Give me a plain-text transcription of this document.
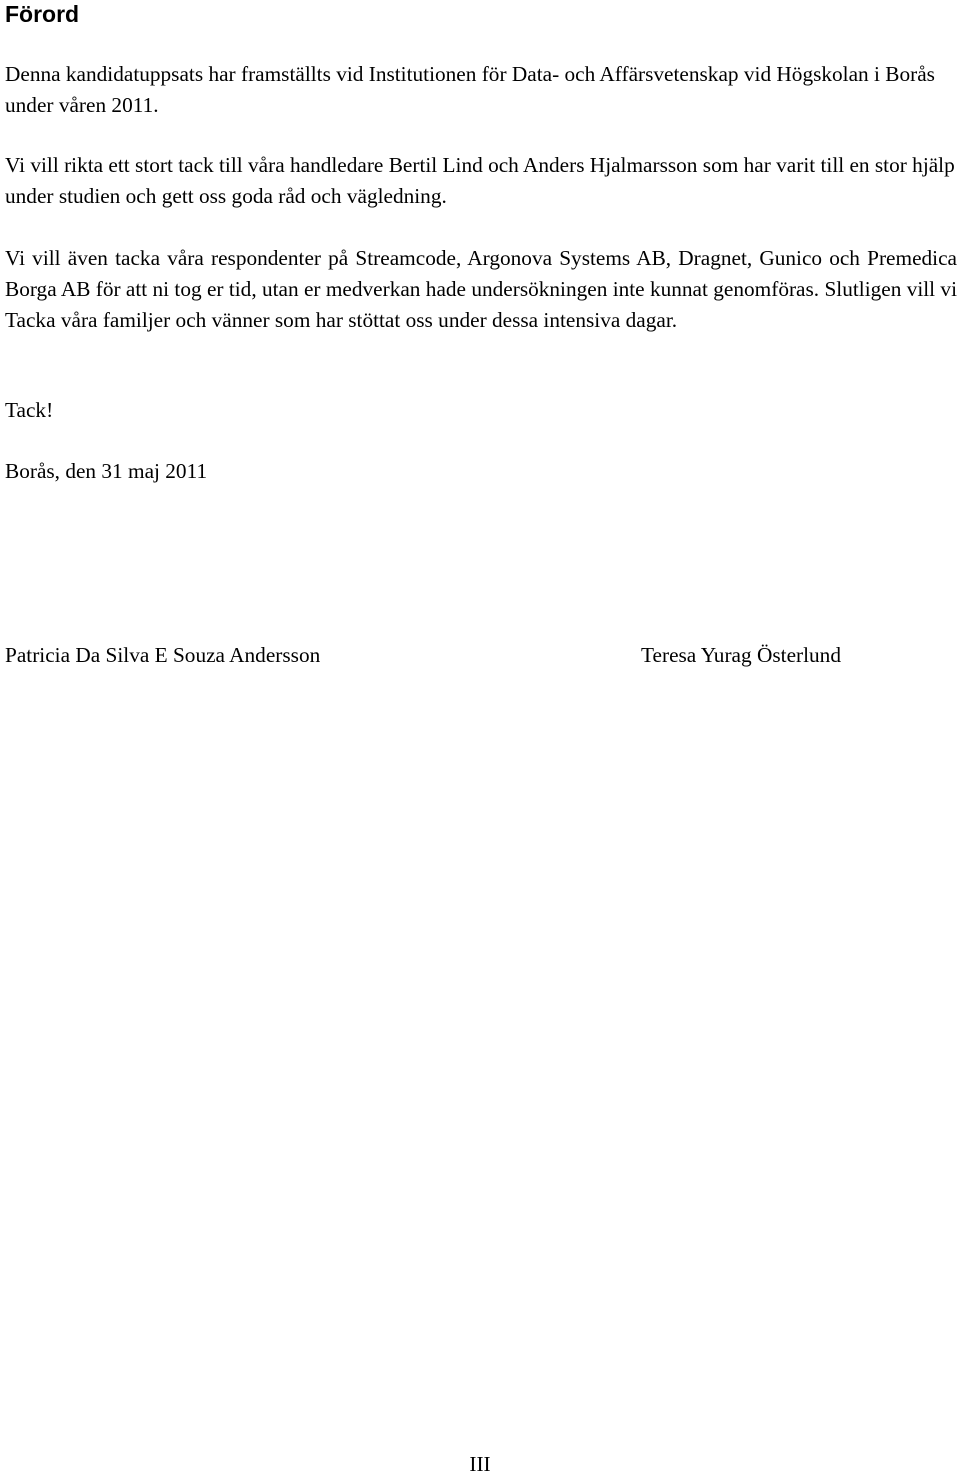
Förord

Denna kandidatuppsats har framställts vid Institutionen för Data- och Affärsvetenskap vid Högskolan i Borås under våren 2011.

Vi vill rikta ett stort tack till våra handledare Bertil Lind och Anders Hjalmarsson som har varit till en stor hjälp under studien och gett oss goda råd och vägledning.

Vi vill även tacka våra respondenter på Streamcode, Argonova Systems AB, Dragnet, Gunico och Premedica Borga AB för att ni tog er tid, utan er medverkan hade undersökningen inte kunnat genomföras. Slutligen vill vi Tacka våra familjer och vänner som har stöttat oss under dessa intensiva dagar.

Tack!

Borås, den 31 maj 2011

Patricia Da Silva E Souza Andersson	Teresa Yurag Österlund

III
